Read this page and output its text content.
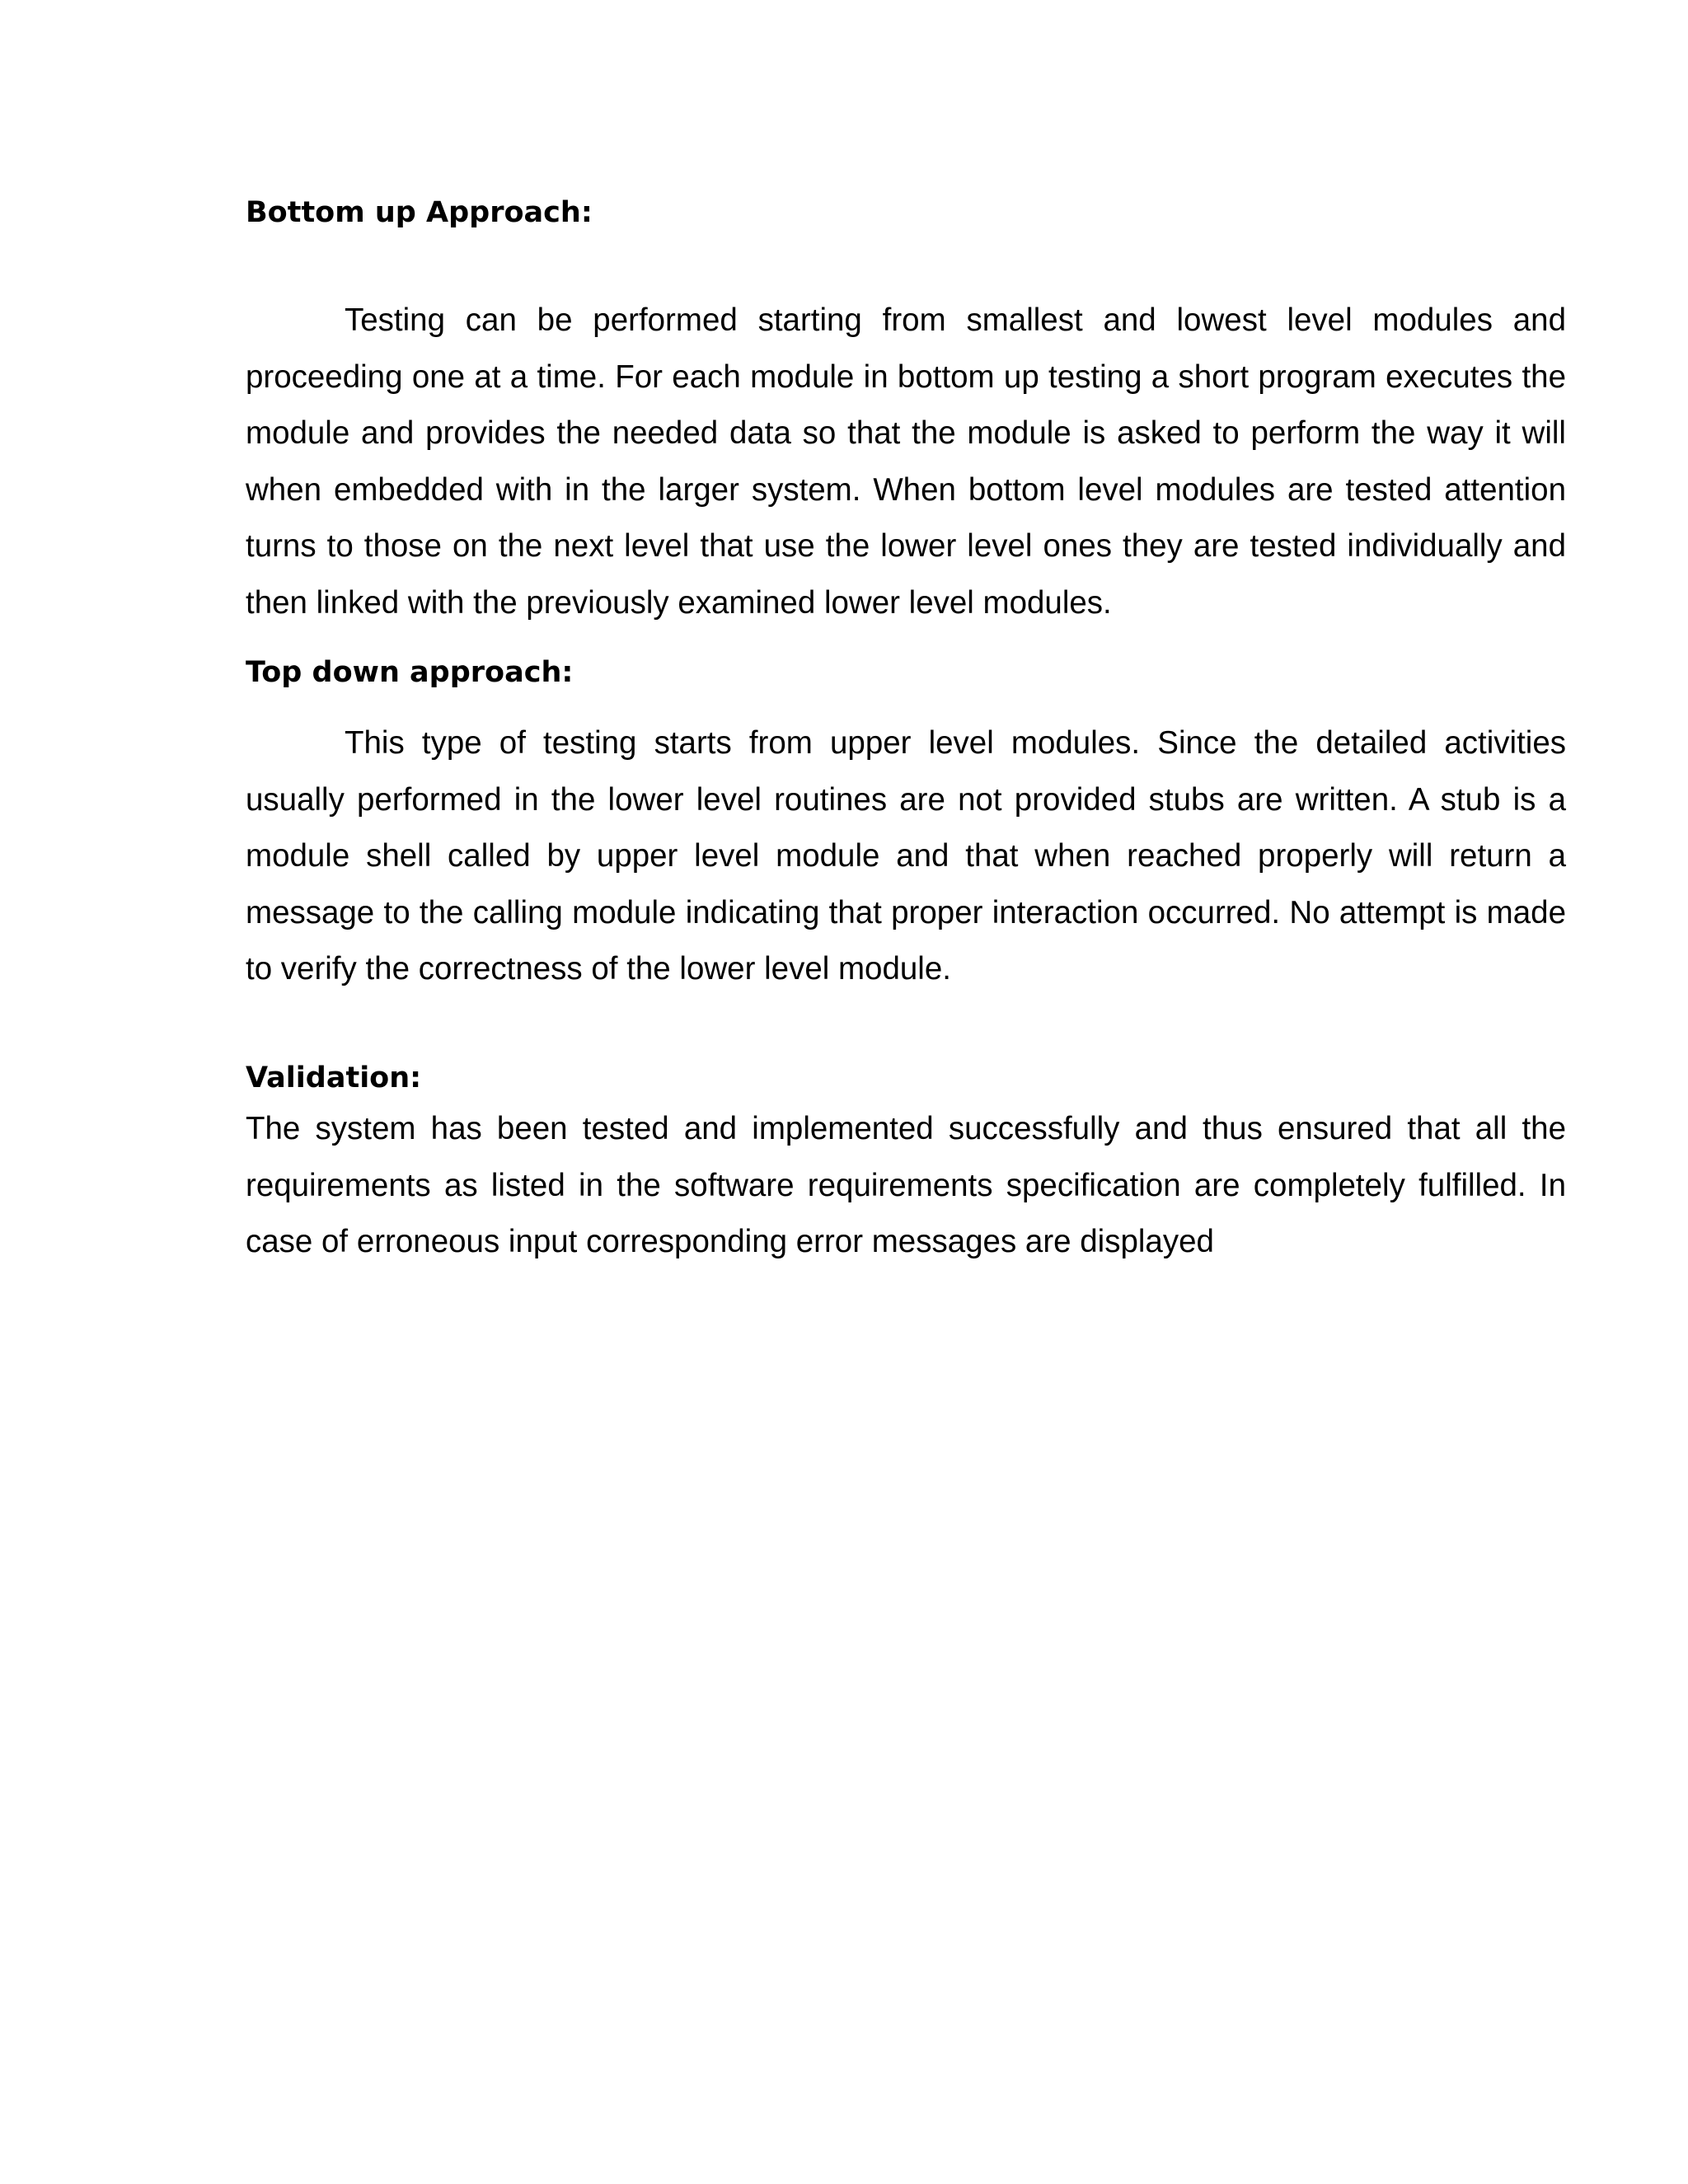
Bottom up Approach:

Testing can be performed starting from smallest and lowest level modules and proceeding one at a time. For each module in bottom up testing a short program executes the module and provides the needed data so that the module is asked to perform the way it will when embedded with in the larger system. When bottom level modules are tested attention turns to those on the next level that use the lower level ones they are tested individually and then linked with the previously examined lower level modules.

Top down approach:

This type of testing starts from upper level modules. Since the detailed activities usually performed in the lower level routines are not provided stubs are written. A stub is a module shell called by upper level module and that when reached properly will return a message to the calling module indicating that proper interaction occurred. No attempt is made to verify the correctness of the lower level module.

Validation:

The system has been tested and implemented successfully and thus ensured that all the requirements as listed in the software requirements specification are completely fulfilled. In case of erroneous input corresponding error messages are displayed
